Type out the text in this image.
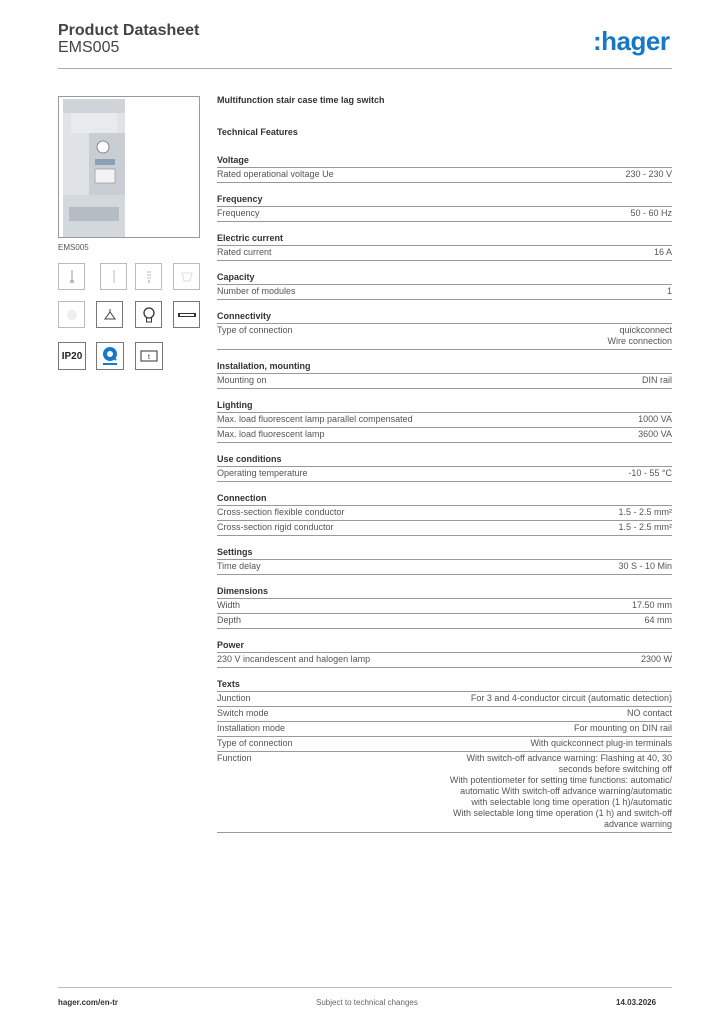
Product Datasheet
EMS005	:hager
EMS005
IP20	t
Multifunction stair case time lag switch
Technical Features
Voltage
Rated operational voltage Ue	230 - 230 V
Frequency
Frequency	50 - 60 Hz
Electric current
Rated current	16 A
Capacity
Number of modules	1
Connectivity
Type of connection	quickconnect
Wire connection
Installation, mounting
Mounting on	DIN rail
Lighting
Max. load fluorescent lamp parallel compensated	1000 VA
Max. load fluorescent lamp	3600 VA
Use conditions
Operating temperature	-10 - 55 °C
Connection
Cross-section flexible conductor	1.5 - 2.5 mm²
Cross-section rigid conductor	1.5 - 2.5 mm²
Settings
Time delay	30 S - 10 Min
Dimensions
Width	17.50 mm
Depth	64 mm
Power
230 V incandescent and halogen lamp	2300 W
Texts
Junction	For 3 and 4-conductor circuit (automatic detection)
Switch mode	NO contact
Installation mode	For mounting on DIN rail
Type of connection	With quickconnect plug-in terminals
Function	With switch-off advance warning: Flashing at 40, 30
seconds before switching off
With potentiometer for setting time functions: automatic/
automatic With switch-off advance warning/automatic
with selectable long time operation (1 h)/automatic
With selectable long time operation (1 h) and switch-off
advance warning
hager.com/en-tr	Subject to technical changes	14.03.2026
